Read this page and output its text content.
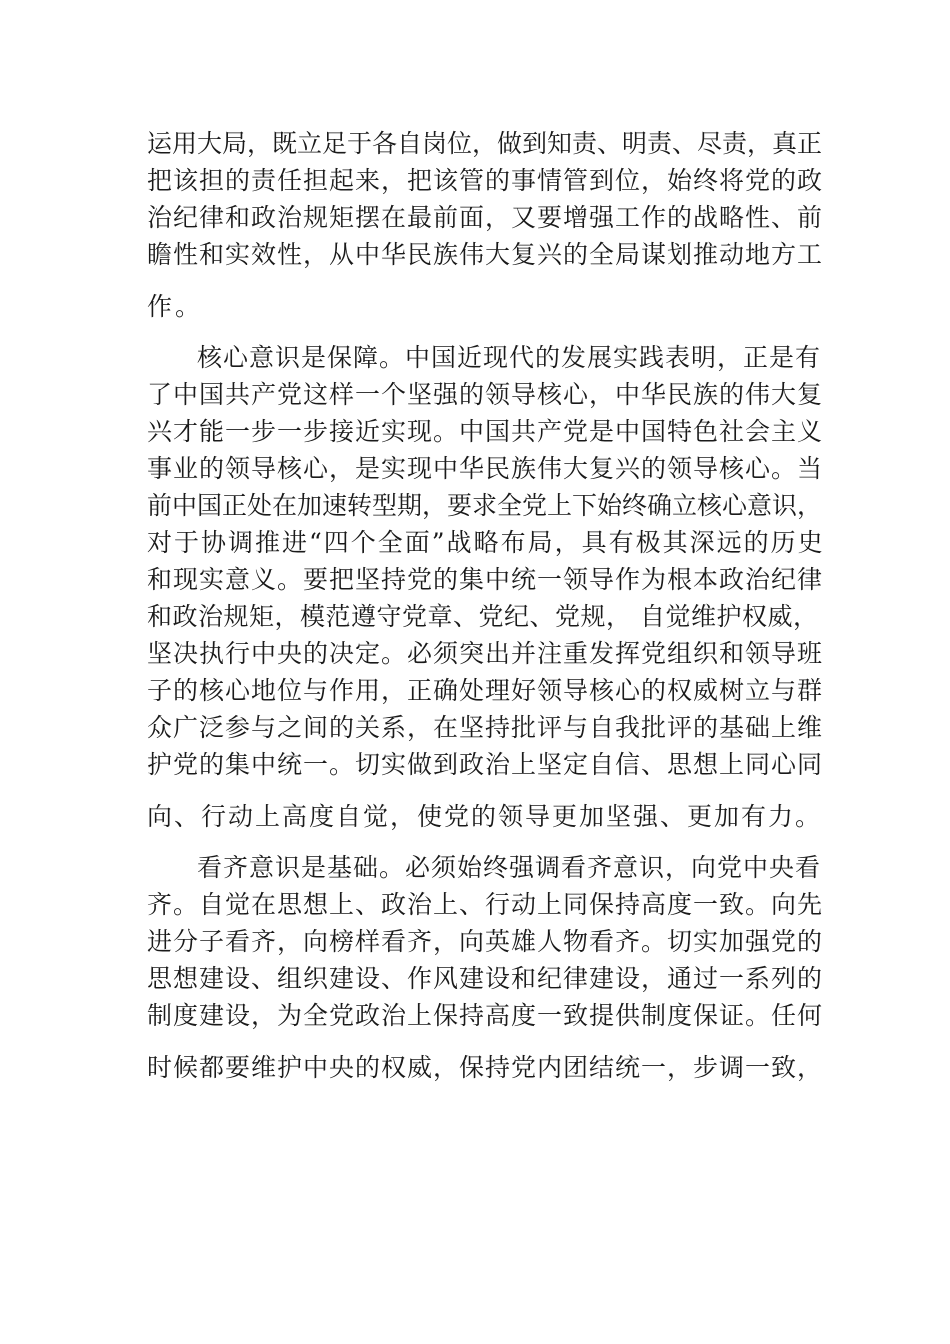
运用大局，既立足于各自岗位，做到知责、明责、尽责，真正

把该担的责任担起来，把该管的事情管到位，始终将党的政

治纪律和政治规矩摆在最前面，又要增强工作的战略性、前

瞻性和实效性，从中华民族伟大复兴的全局谋划推动地方工

作。

核心意识是保障。中国近现代的发展实践表明，正是有

了中国共产党这样一个坚强的领导核心，中华民族的伟大复

兴才能一步一步接近实现。中国共产党是中国特色社会主义

事业的领导核心，是实现中华民族伟大复兴的领导核心。当

前中国正处在加速转型期，要求全党上下始终确立核心意识，

对于协调推进“四个全面”战略布局，具有极其深远的历史

和现实意义。要把坚持党的集中统一领导作为根本政治纪律

和政治规矩，模范遵守党章、党纪、党规， 自觉维护权威，

坚决执行中央的决定。必须突出并注重发挥党组织和领导班

子的核心地位与作用，正确处理好领导核心的权威树立与群

众广泛参与之间的关系，在坚持批评与自我批评的基础上维

护党的集中统一。切实做到政治上坚定自信、思想上同心同

向、行动上高度自觉，使党的领导更加坚强、更加有力。

看齐意识是基础。必须始终强调看齐意识，向党中央看

齐。自觉在思想上、政治上、行动上同保持高度一致。向先

进分子看齐，向榜样看齐，向英雄人物看齐。切实加强党的

思想建设、组织建设、作风建设和纪律建设，通过一系列的

制度建设，为全党政治上保持高度一致提供制度保证。任何

时候都要维护中央的权威，保持党内团结统一，步调一致，
